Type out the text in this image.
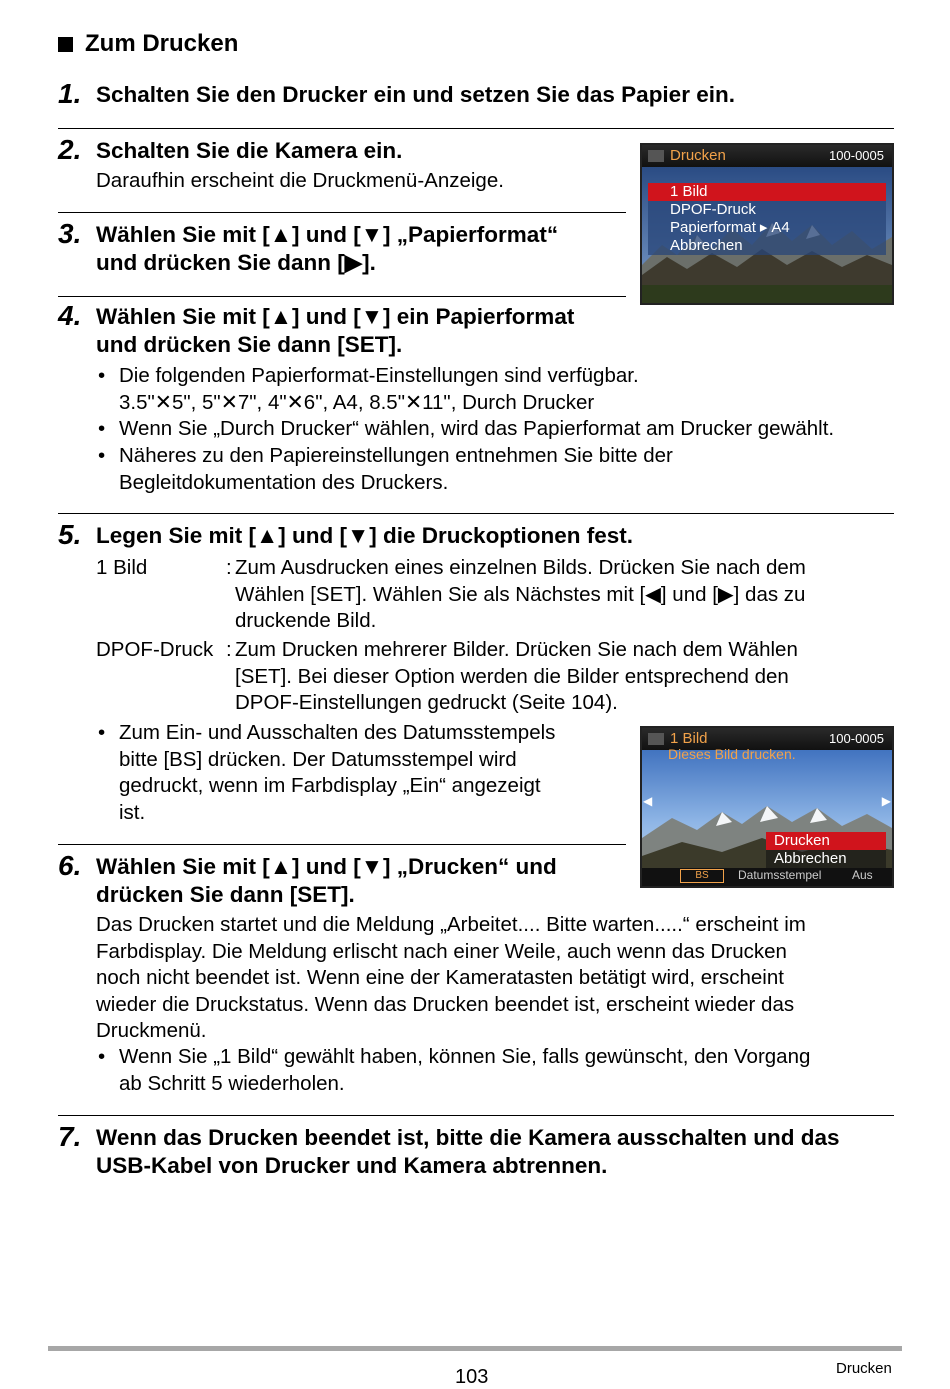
Zum Drucken
1. Schalten Sie den Drucker ein und setzen Sie das Papier ein.
2. Schalten Sie die Kamera ein.
Daraufhin erscheint die Druckmenü-Anzeige.
3. Wählen Sie mit [▲] und [▼] „Papierformat“
und drücken Sie dann [▶].
Drucken	100-0005
1 Bild
DPOF-Druck
Papierformat ▸ A4
Abbrechen
4. Wählen Sie mit [▲] und [▼] ein Papierformat
und drücken Sie dann [SET].
• Die folgenden Papierformat-Einstellungen sind verfügbar.
3.5"✕5", 5"✕7", 4"✕6", A4, 8.5"✕11", Durch Drucker
• Wenn Sie „Durch Drucker“ wählen, wird das Papierformat am Drucker gewählt.
• Näheres zu den Papiereinstellungen entnehmen Sie bitte der
Begleitdokumentation des Druckers.
5. Legen Sie mit [▲] und [▼] die Druckoptionen fest.
1 Bild	: Zum Ausdrucken eines einzelnen Bilds. Drücken Sie nach dem
Wählen [SET]. Wählen Sie als Nächstes mit [◀] und [▶] das zu
druckende Bild.
DPOF-Druck : Zum Drucken mehrerer Bilder. Drücken Sie nach dem Wählen
[SET]. Bei dieser Option werden die Bilder entsprechend den
DPOF-Einstellungen gedruckt (Seite 104).
• Zum Ein- und Ausschalten des Datumsstempels
bitte [BS] drücken. Der Datumsstempel wird
gedruckt, wenn im Farbdisplay „Ein“ angezeigt
ist.
1 Bild	100-0005
Dieses Bild drucken.
◀	▶
Drucken
Abbrechen
BS	Datumsstempel	Aus
6. Wählen Sie mit [▲] und [▼] „Drucken“ und
drücken Sie dann [SET].
Das Drucken startet und die Meldung „Arbeitet.... Bitte warten.....“ erscheint im
Farbdisplay. Die Meldung erlischt nach einer Weile, auch wenn das Drucken
noch nicht beendet ist. Wenn eine der Kameratasten betätigt wird, erscheint
wieder die Druckstatus. Wenn das Drucken beendet ist, erscheint wieder das
Druckmenü.
• Wenn Sie „1 Bild“ gewählt haben, können Sie, falls gewünscht, den Vorgang
ab Schritt 5 wiederholen.
7. Wenn das Drucken beendet ist, bitte die Kamera ausschalten und das
USB-Kabel von Drucker und Kamera abtrennen.
103	Drucken
